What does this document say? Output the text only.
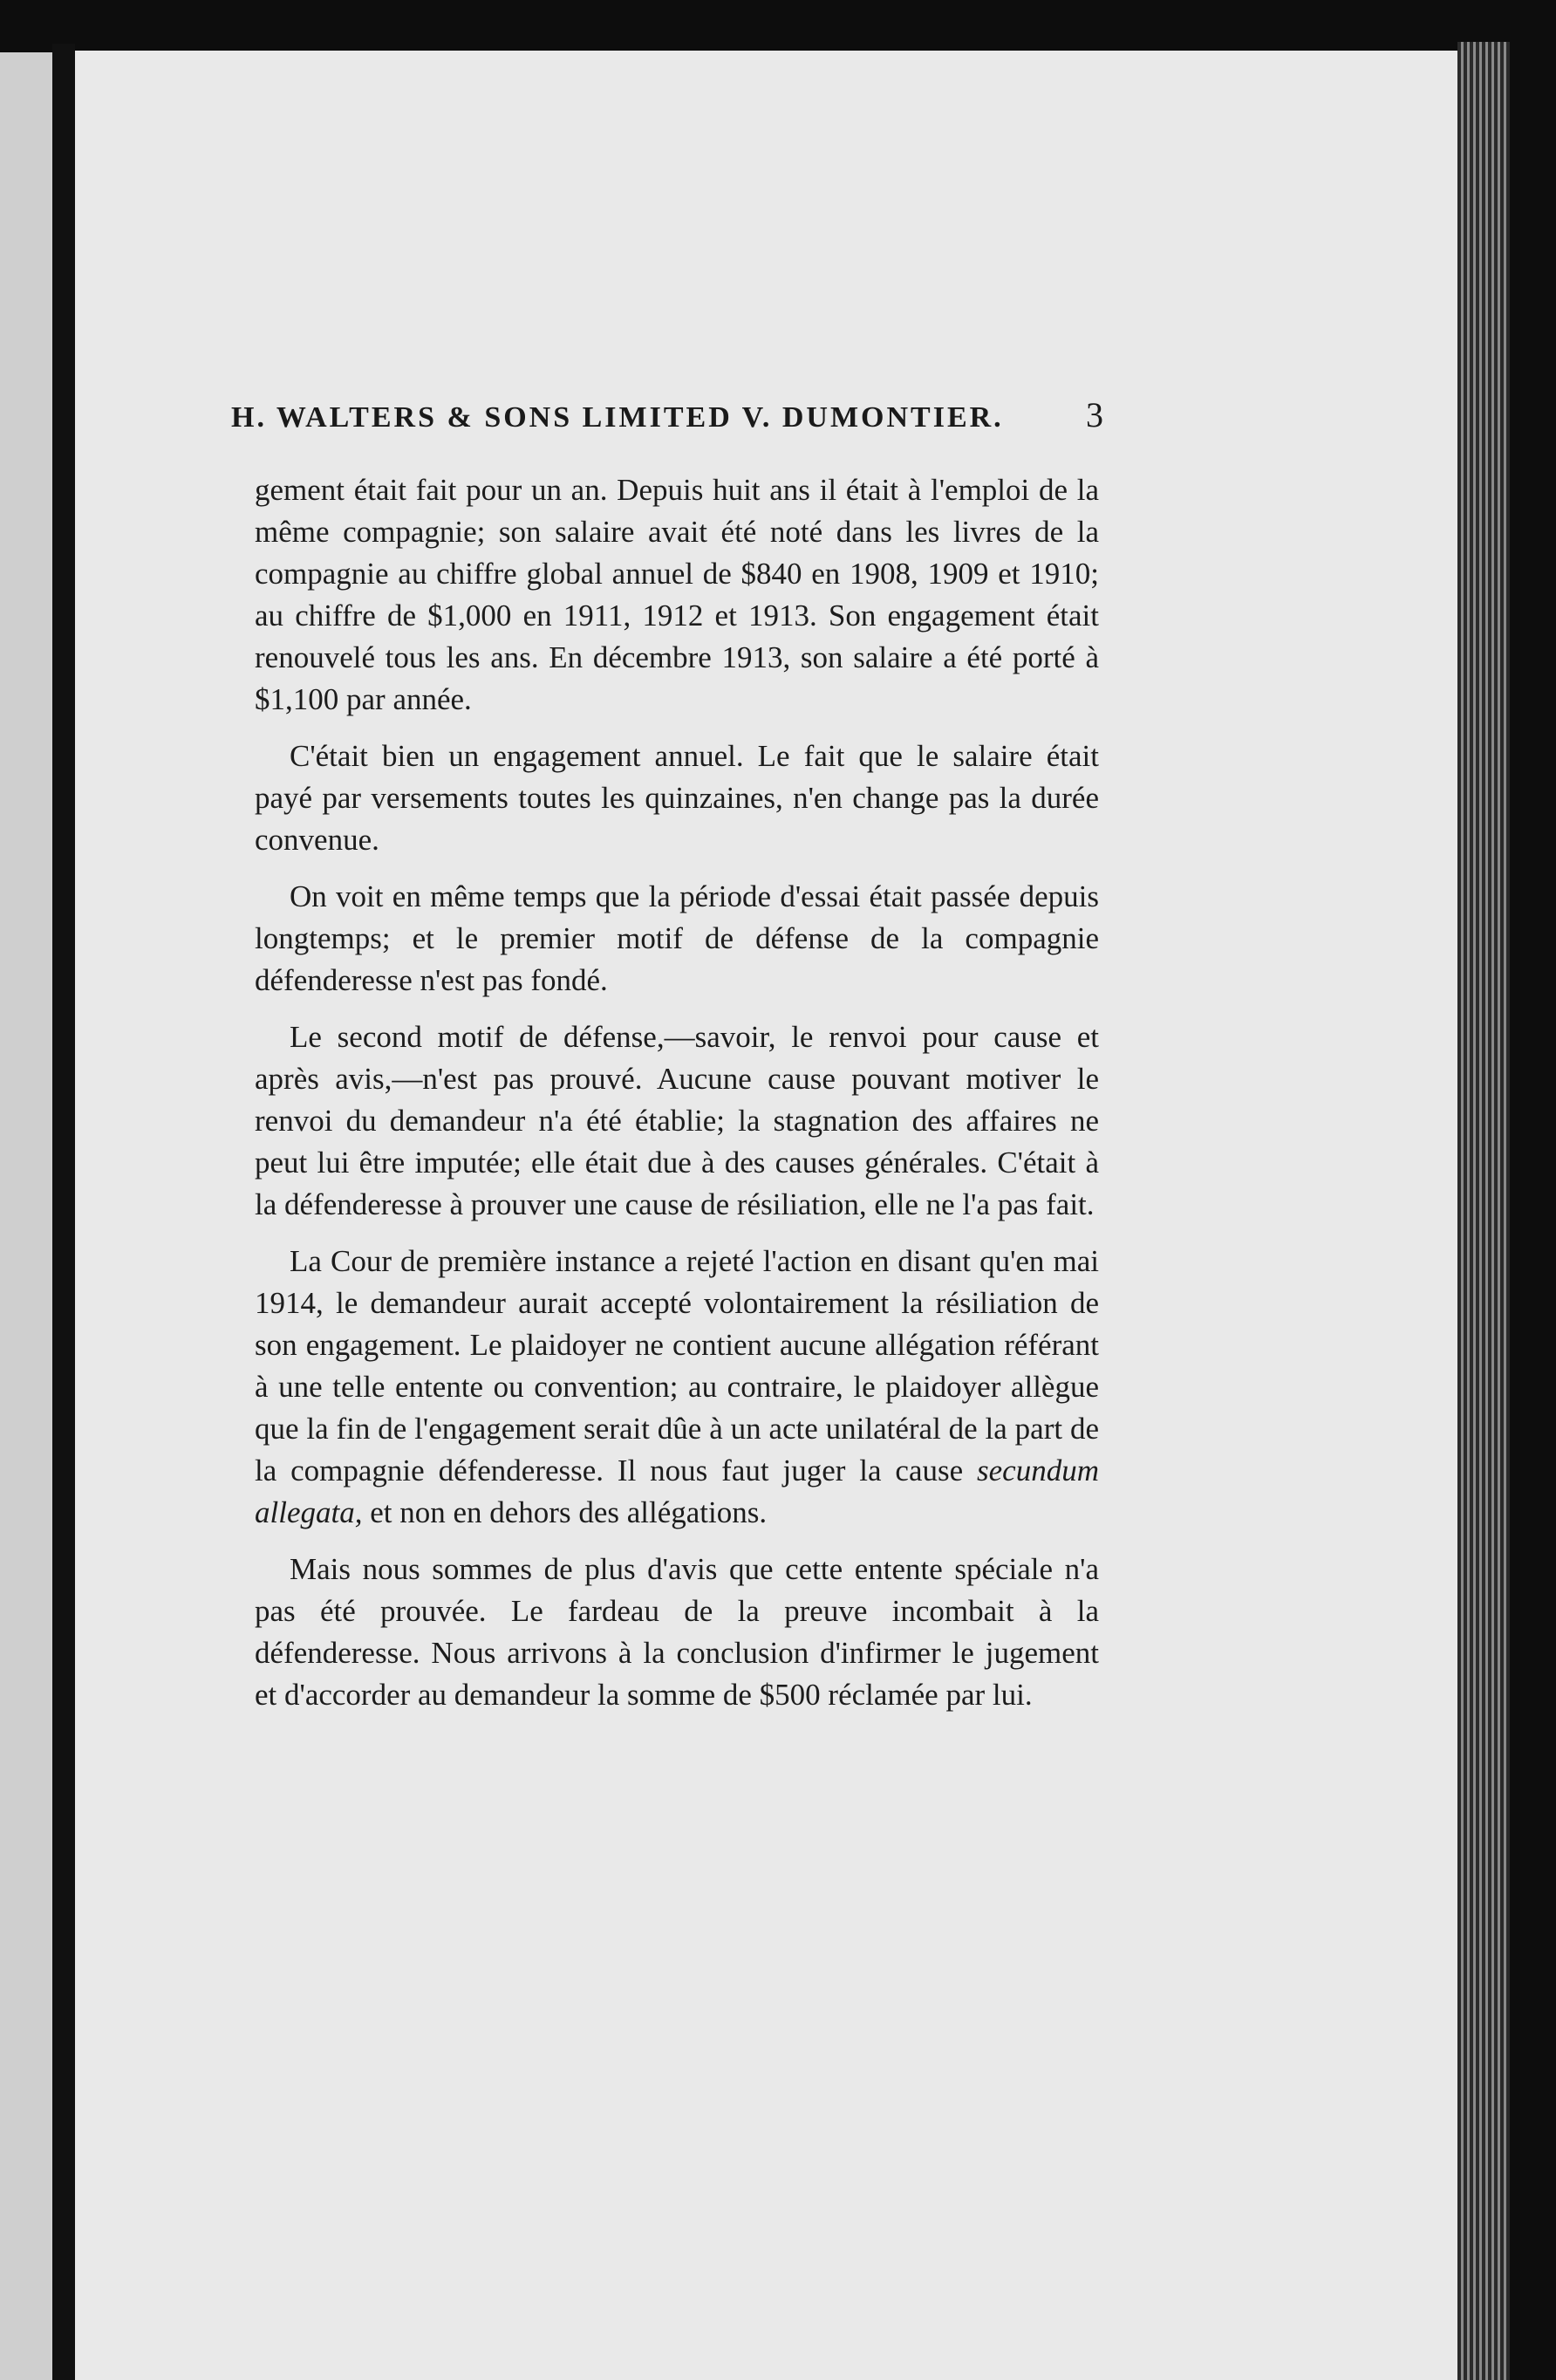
H. WALTERS & SONS LIMITED V. DUMONTIER. 3

gement était fait pour un an. Depuis huit ans il était à l'emploi de la même compagnie; son salaire avait été noté dans les livres de la compagnie au chiffre global annuel de $840 en 1908, 1909 et 1910; au chiffre de $1,000 en 1911, 1912 et 1913. Son engagement était renouvelé tous les ans. En décembre 1913, son salaire a été porté à $1,100 par année.

C'était bien un engagement annuel. Le fait que le salaire était payé par versements toutes les quinzaines, n'en change pas la durée convenue.

On voit en même temps que la période d'essai était passée depuis longtemps; et le premier motif de défense de la compagnie défenderesse n'est pas fondé.

Le second motif de défense,—savoir, le renvoi pour cause et après avis,—n'est pas prouvé. Aucune cause pouvant motiver le renvoi du demandeur n'a été établie; la stagnation des affaires ne peut lui être imputée; elle était due à des causes générales. C'était à la défenderesse à prouver une cause de résiliation, elle ne l'a pas fait.

La Cour de première instance a rejeté l'action en disant qu'en mai 1914, le demandeur aurait accepté volontairement la résiliation de son engagement. Le plaidoyer ne contient aucune allégation référant à une telle entente ou convention; au contraire, le plaidoyer allègue que la fin de l'engagement serait dûe à un acte unilatéral de la part de la compagnie défenderesse. Il nous faut juger la cause secundum allegata, et non en dehors des allégations.

Mais nous sommes de plus d'avis que cette entente spéciale n'a pas été prouvée. Le fardeau de la preuve incombait à la défenderesse. Nous arrivons à la conclusion d'infirmer le jugement et d'accorder au demandeur la somme de $500 réclamée par lui.
